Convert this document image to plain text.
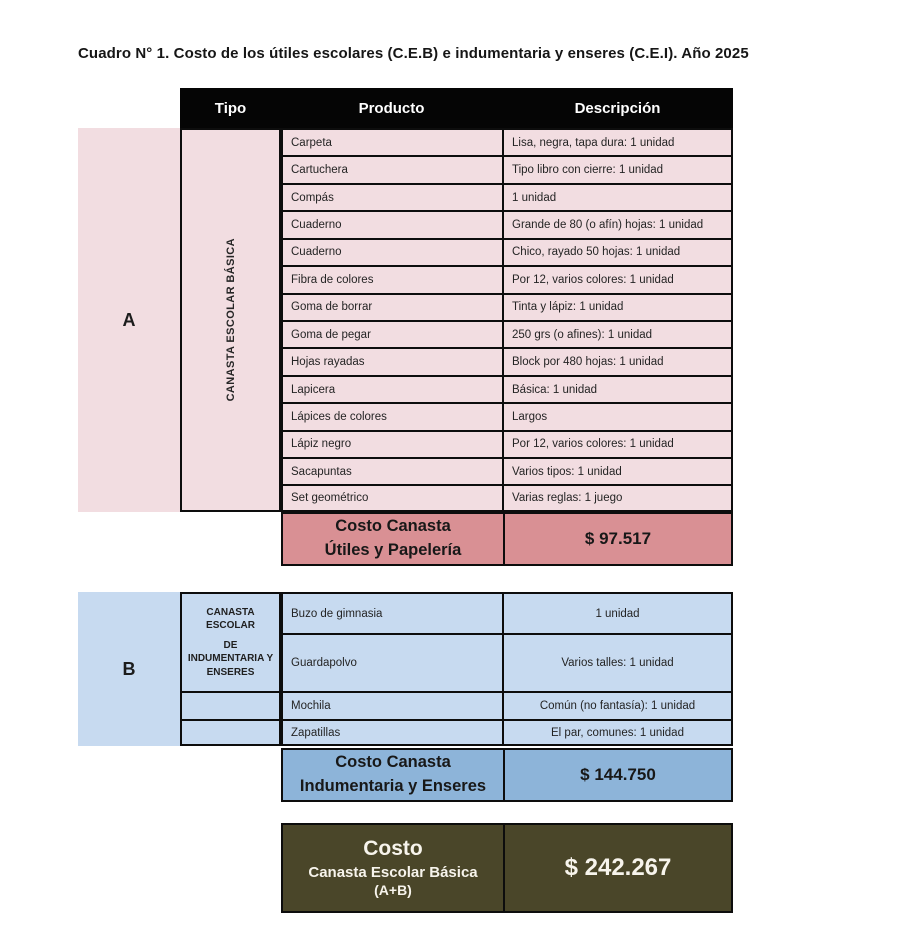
Cuadro N° 1. Costo de los útiles escolares (C.E.B) e indumentaria y enseres (C.E.I). Año 2025
Tipo	Producto	Descripción
A	CANASTA ESCOLAR BÁSICA
Carpeta	Lisa, negra, tapa dura: 1 unidad
Cartuchera	Tipo libro con cierre: 1 unidad
Compás	1 unidad
Cuaderno	Grande de 80 (o afín) hojas: 1 unidad
Cuaderno	Chico, rayado 50 hojas: 1 unidad
Fibra de colores	Por 12, varios colores: 1 unidad
Goma de borrar	Tinta y lápiz: 1 unidad
Goma de pegar	250 grs (o afines): 1 unidad
Hojas rayadas	Block por 480 hojas: 1 unidad
Lapicera	Básica: 1 unidad
Lápices de colores	Largos
Lápiz negro	Por 12, varios colores: 1 unidad
Sacapuntas	Varios tipos: 1 unidad
Set geométrico	Varias reglas: 1 juego
Costo Canasta
Útiles y Papelería
$ 97.517
B
CANASTA ESCOLAR
DE INDUMENTARIA Y ENSERES
Buzo de gimnasia	1 unidad
Guardapolvo	Varios talles: 1 unidad
Mochila	Común (no fantasía): 1 unidad
Zapatillas	El par, comunes: 1 unidad
Costo Canasta
Indumentaria y Enseres
$ 144.750
Costo
Canasta Escolar Básica
(A+B)
$ 242.267
